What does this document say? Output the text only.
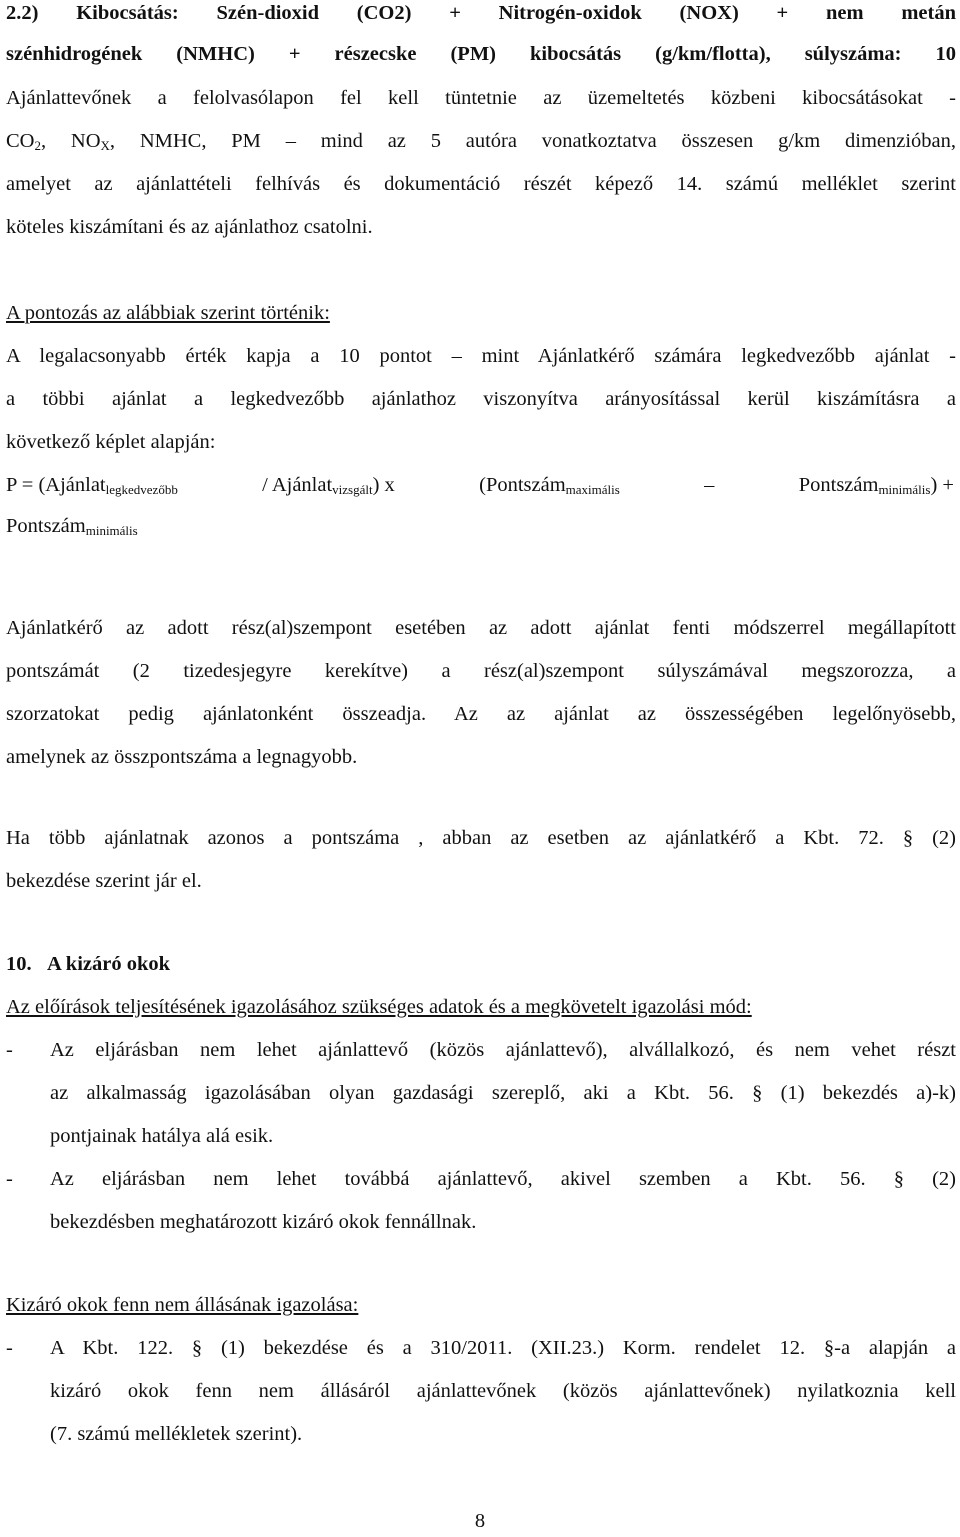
2.2) Kibocsátás: Szén-dioxid (CO2) + Nitrogén-oxidok (NOX) + nem metán

szénhidrogének (NMHC) + részecske (PM) kibocsátás (g/km/flotta), súlyszáma: 10

Ajánlattevőnek a felolvasólapon fel kell tüntetnie az üzemeltetés közbeni kibocsátásokat -

$CO_2$, $NO_X$, NMHC, PM – mind az 5 autóra vonatkoztatva összesen g/km dimenzióban,

amelyet az ajánlattételi felhívás és dokumentáció részét képező 14. számú melléklet szerint

köteles kiszámítani és az ajánlathoz csatolni.

A pontozás az alábbiak szerint történik:

A legalacsonyabb érték kapja a 10 pontot – mint Ajánlatkérő számára legkedvezőbb ajánlat -

a többi ajánlat a legkedvezőbb ajánlathoz viszonyítva arányosítással kerül kiszámításra a

következő képlet alapján:

P = (Ajánlat$_{legkedvezőbb}$	/ Ajánlat$_{vizsgált}$) x	(Pontszám$_{maximális}$	–	Pontszám$_{minimális}$) +

Pontszám$_{minimális}$

Ajánlatkérő az adott rész(al)szempont esetében az adott ajánlat fenti módszerrel megállapított

pontszámát (2 tizedesjegyre kerekítve) a rész(al)szempont súlyszámával megszorozza, a

szorzatokat pedig ajánlatonként összeadja. Az az ajánlat az összességében legelőnyösebb,

amelynek az összpontszáma a legnagyobb.

Ha több ajánlatnak azonos a pontszáma , abban az esetben az ajánlatkérő a Kbt. 72. § (2)

bekezdése szerint jár el.

10. A kizáró okok

Az előírások teljesítésének igazolásához szükséges adatok és a megkövetelt igazolási mód:

- Az eljárásban nem lehet ajánlattevő (közös ajánlattevő), alvállalkozó, és nem vehet részt

az alkalmasság igazolásában olyan gazdasági szereplő, aki a Kbt. 56. § (1) bekezdés a)-k)

pontjainak hatálya alá esik.

- Az eljárásban nem lehet továbbá ajánlattevő, akivel szemben a Kbt. 56. § (2)

bekezdésben meghatározott kizáró okok fennállnak.

Kizáró okok fenn nem állásának igazolása:

- A Kbt. 122. § (1) bekezdése és a 310/2011. (XII.23.) Korm. rendelet 12. §-a alapján a

kizáró okok fenn nem állásáról ajánlattevőnek (közös ajánlattevőnek) nyilatkoznia kell

(7. számú mellékletek szerint).

8
